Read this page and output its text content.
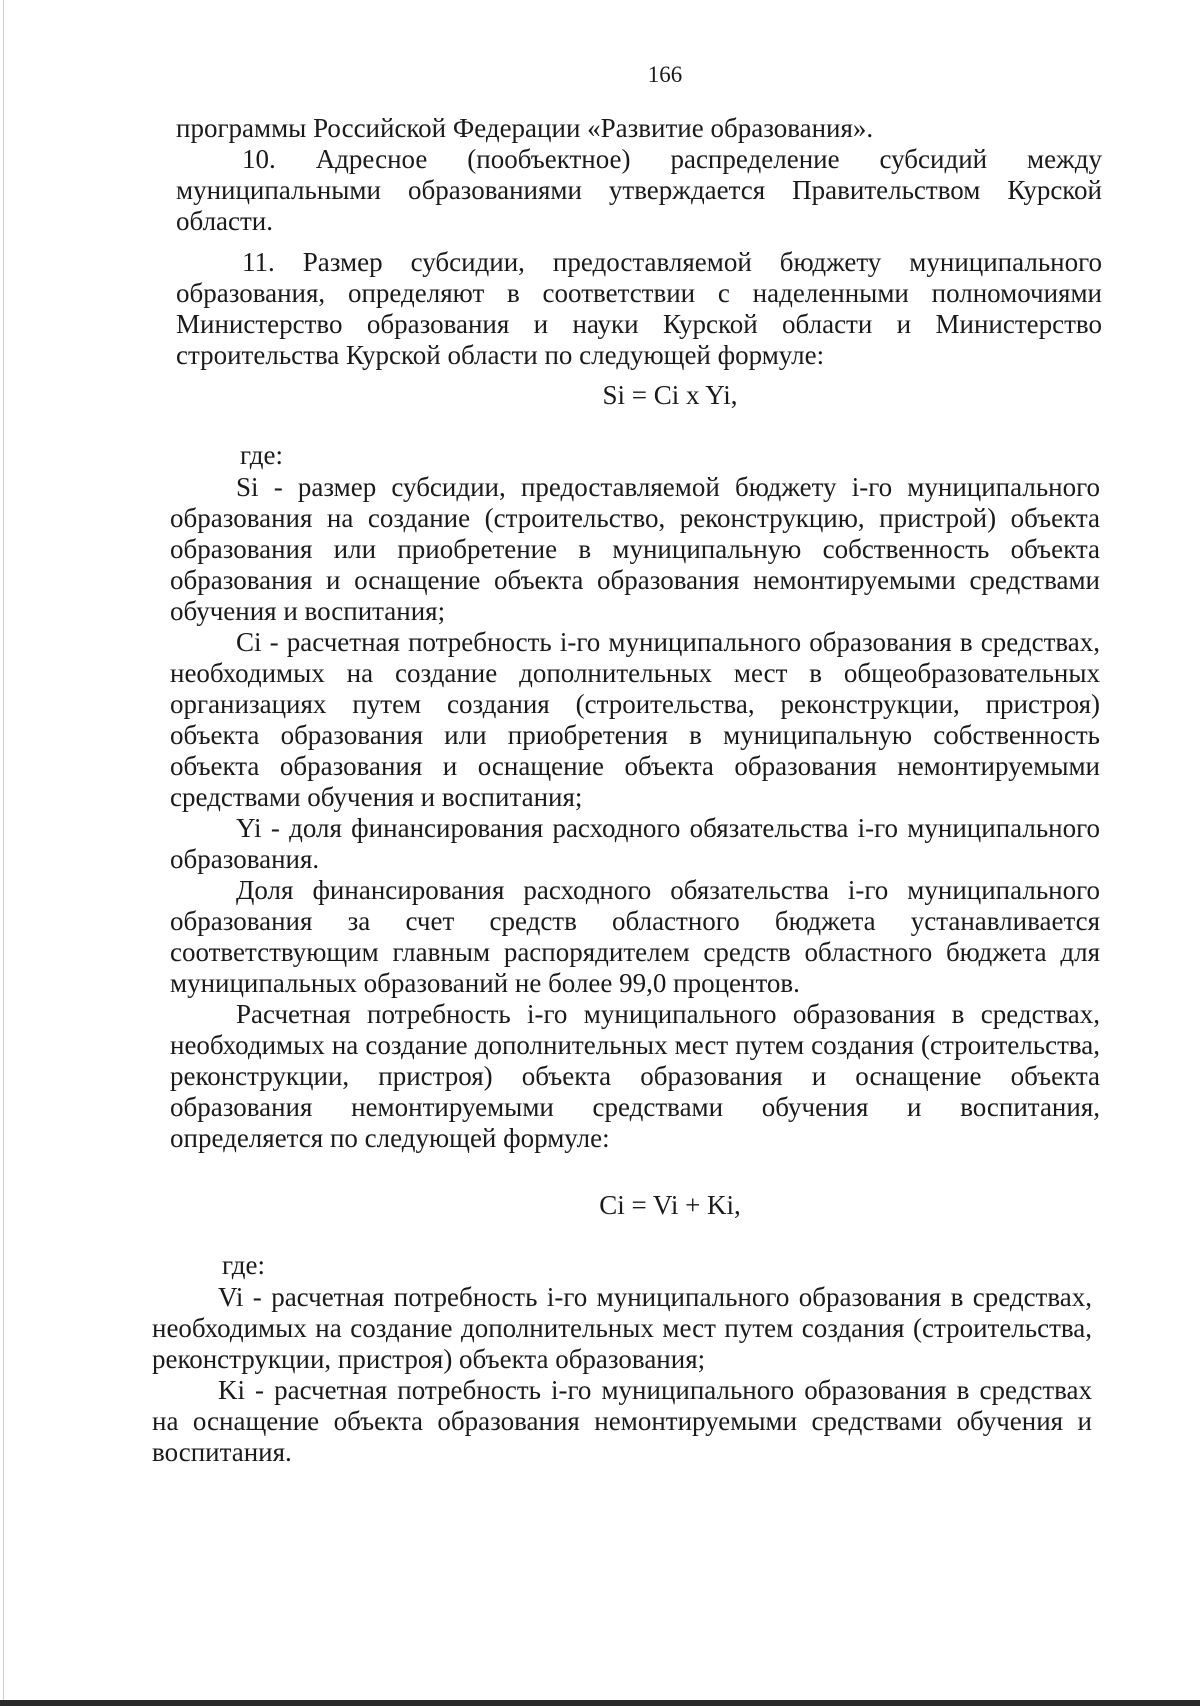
166

программы Российской Федерации «Развитие образования».

10. Адресное (пообъектное) распределение субсидий между муниципальными образованиями утверждается Правительством Курской области.

11. Размер субсидии, предоставляемой бюджету муниципального образования, определяют в соответствии с наделенными полномочиями Министерство образования и науки Курской области и Министерство строительства Курской области по следующей формуле:

Si = Ci x Yi,
где:

Si - размер субсидии, предоставляемой бюджету i-го муниципального образования на создание (строительство, реконструкцию, пристрой) объекта образования или приобретение в муниципальную собственность объекта образования и оснащение объекта образования немонтируемыми средствами обучения и воспитания;

Ci - расчетная потребность i-го муниципального образования в средствах, необходимых на создание дополнительных мест в общеобразовательных организациях путем создания (строительства, реконструкции, пристроя) объекта образования или приобретения в муниципальную собственность объекта образования и оснащение объекта образования немонтируемыми средствами обучения и воспитания;

Yi - доля финансирования расходного обязательства i-го муниципального образования.

Доля финансирования расходного обязательства i-го муниципального образования за счет средств областного бюджета устанавливается соответствующим главным распорядителем средств областного бюджета для муниципальных образований не более 99,0 процентов.

Расчетная потребность i-го муниципального образования в средствах, необходимых на создание дополнительных мест путем создания (строительства, реконструкции, пристроя) объекта образования и оснащение объекта образования немонтируемыми средствами обучения и воспитания, определяется по следующей формуле:

Ci = Vi + Ki,
где:

Vi - расчетная потребность i-го муниципального образования в средствах, необходимых на создание дополнительных мест путем создания (строительства, реконструкции, пристроя) объекта образования;

Ki - расчетная потребность i-го муниципального образования в средствах на оснащение объекта образования немонтируемыми средствами обучения и воспитания.
